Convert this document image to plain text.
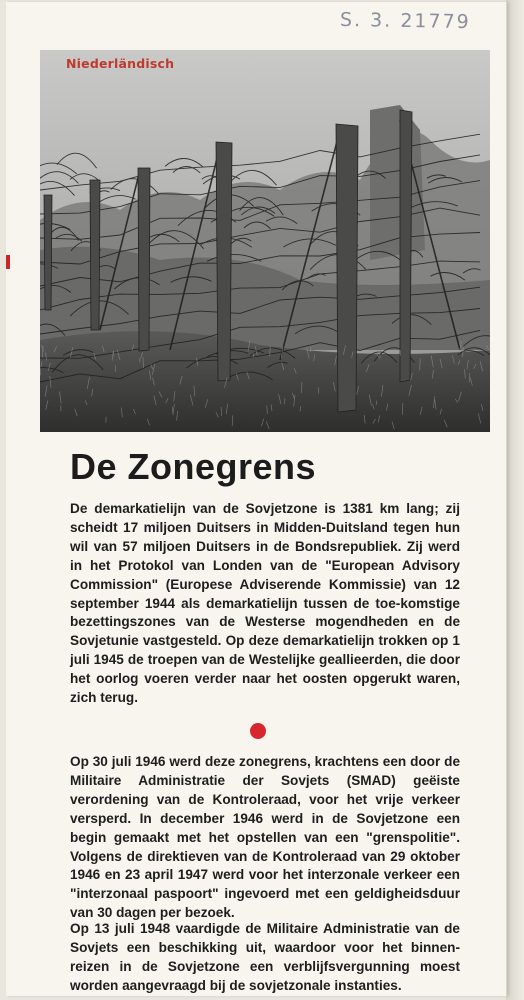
S. 3. 21779
Niederländisch
De Zonegrens

De demarkatielijn van de Sovjetzone is 1381 km lang; zij scheidt 17 miljoen Duitsers in Midden-Duitsland tegen hun wil van 57 miljoen Duitsers in de Bondsrepubliek. Zij werd in het Protokol van Londen van de "European Advisory Commission" (Europese Adviserende Kommissie) van 12 september 1944 als demarkatielijn tussen de toe-komstige bezettingszones van de Westerse mogendheden en de Sovjetunie vastgesteld. Op deze demarkatielijn trokken op 1 juli 1945 de troepen van de Westelijke geallieerden, die door het oorlog voeren verder naar het oosten opgerukt waren, zich terug.

Op 30 juli 1946 werd deze zonegrens, krachtens een door de Militaire Administratie der Sovjets (SMAD) geëiste verordening van de Kontroleraad, voor het vrije verkeer versperd. In december 1946 werd in de Sovjetzone een begin gemaakt met het opstellen van een "grenspolitie". Volgens de direktieven van de Kontroleraad van 29 oktober 1946 en 23 april 1947 werd voor het interzonale verkeer een "interzonaal paspoort" ingevoerd met een geldigheidsduur van 30 dagen per bezoek.

Op 13 juli 1948 vaardigde de Militaire Administratie van de Sovjets een beschikking uit, waardoor voor het binnen-reizen in de Sovjetzone een verblijfsvergunning moest worden aangevraagd bij de sovjetzonale instanties.
